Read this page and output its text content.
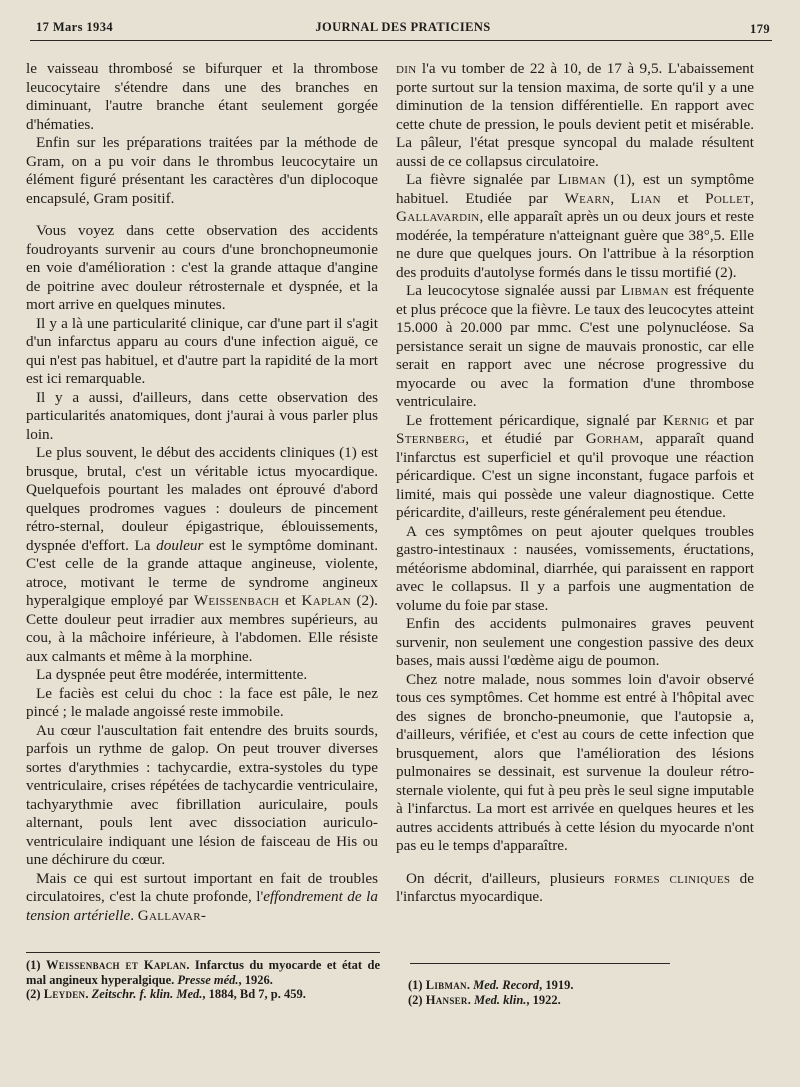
17 Mars 1934	JOURNAL DES PRATICIENS	179

le vaisseau thrombosé se bifurquer et la thrombose leucocytaire s'étendre dans une des branches en diminuant, l'autre branche étant seulement gorgée d'hématies.

Enfin sur les préparations traitées par la méthode de Gram, on a pu voir dans le thrombus leucocytaire un élément figuré présentant les caractères d'un diplocoque encapsulé, Gram positif.

Vous voyez dans cette observation des accidents foudroyants survenir au cours d'une bronchopneumonie en voie d'amélioration : c'est la grande attaque d'angine de poitrine avec douleur rétrosternale et dyspnée, et la mort arrive en quelques minutes.

Il y a là une particularité clinique, car d'une part il s'agit d'un infarctus apparu au cours d'une infection aiguë, ce qui n'est pas habituel, et d'autre part la rapidité de la mort est ici remarquable.

Il y a aussi, d'ailleurs, dans cette observation des particularités anatomiques, dont j'aurai à vous parler plus loin.

Le plus souvent, le début des accidents cliniques (1) est brusque, brutal, c'est un véritable ictus myocardique. Quelquefois pourtant les malades ont éprouvé d'abord quelques prodromes vagues : douleurs de pincement rétro-sternal, douleur épigastrique, éblouissements, dyspnée d'effort. La douleur est le symptôme dominant. C'est celle de la grande attaque angineuse, violente, atroce, motivant le terme de syndrome angineux hyperalgique employé par Weissenbach et Kaplan (2). Cette douleur peut irradier aux membres supérieurs, au cou, à la mâchoire inférieure, à l'abdomen. Elle résiste aux calmants et même à la morphine.

La dyspnée peut être modérée, intermittente.

Le faciès est celui du choc : la face est pâle, le nez pincé ; le malade angoissé reste immobile.

Au cœur l'auscultation fait entendre des bruits sourds, parfois un rythme de galop. On peut trouver diverses sortes d'arythmies : tachycardie, extra-systoles du type ventriculaire, crises répétées de tachycardie ventriculaire, tachyarythmie avec fibrillation auriculaire, pouls alternant, pouls lent avec dissociation auriculo-ventriculaire indiquant une lésion de faisceau de His ou une déchirure du cœur.

Mais ce qui est surtout important en fait de troubles circulatoires, c'est la chute profonde, l'effondrement de la tension artérielle. Gallavar-

(1) Weissenbach et Kaplan. Infarctus du myocarde et état de mal angineux hyperalgique. Presse méd., 1926.
(2) Leyden. Zeitschr. f. klin. Med., 1884, Bd 7, p. 459.

din l'a vu tomber de 22 à 10, de 17 à 9,5. L'abaissement porte surtout sur la tension maxima, de sorte qu'il y a une diminution de la tension différentielle. En rapport avec cette chute de pression, le pouls devient petit et misérable. La pâleur, l'état presque syncopal du malade résultent aussi de ce collapsus circulatoire.

La fièvre signalée par Libman (1), est un symptôme habituel. Etudiée par Wearn, Lian et Pollet, Gallavardin, elle apparaît après un ou deux jours et reste modérée, la température n'atteignant guère que 38°,5. Elle ne dure que quelques jours. On l'attribue à la résorption des produits d'autolyse formés dans le tissu mortifié (2).

La leucocytose signalée aussi par Libman est fréquente et plus précoce que la fièvre. Le taux des leucocytes atteint 15.000 à 20.000 par mmc. C'est une polynucléose. Sa persistance serait un signe de mauvais pronostic, car elle serait en rapport avec une nécrose progressive du myocarde ou avec la formation d'une thrombose ventriculaire.

Le frottement péricardique, signalé par Kernig et par Sternberg, et étudié par Gorham, apparaît quand l'infarctus est superficiel et qu'il provoque une réaction péricardique. C'est un signe inconstant, fugace parfois et limité, mais qui possède une valeur diagnostique. Cette péricardite, d'ailleurs, reste généralement peu étendue.

A ces symptômes on peut ajouter quelques troubles gastro-intestinaux : nausées, vomissements, éructations, météorisme abdominal, diarrhée, qui paraissent en rapport avec le collapsus. Il y a parfois une augmentation de volume du foie par stase.

Enfin des accidents pulmonaires graves peuvent survenir, non seulement une congestion passive des deux bases, mais aussi l'œdème aigu de poumon.

Chez notre malade, nous sommes loin d'avoir observé tous ces symptômes. Cet homme est entré à l'hôpital avec des signes de broncho-pneumonie, que l'autopsie a, d'ailleurs, vérifiée, et c'est au cours de cette infection que brusquement, alors que l'amélioration des lésions pulmonaires se dessinait, est survenue la douleur rétro-sternale violente, qui fut à peu près le seul signe imputable à l'infarctus. La mort est arrivée en quelques heures et les autres accidents attribués à cette lésion du myocarde n'ont pas eu le temps d'apparaître.

On décrit, d'ailleurs, plusieurs formes cliniques de l'infarctus myocardique.

(1) Libman. Med. Record, 1919.
(2) Hanser. Med. klin., 1922.
